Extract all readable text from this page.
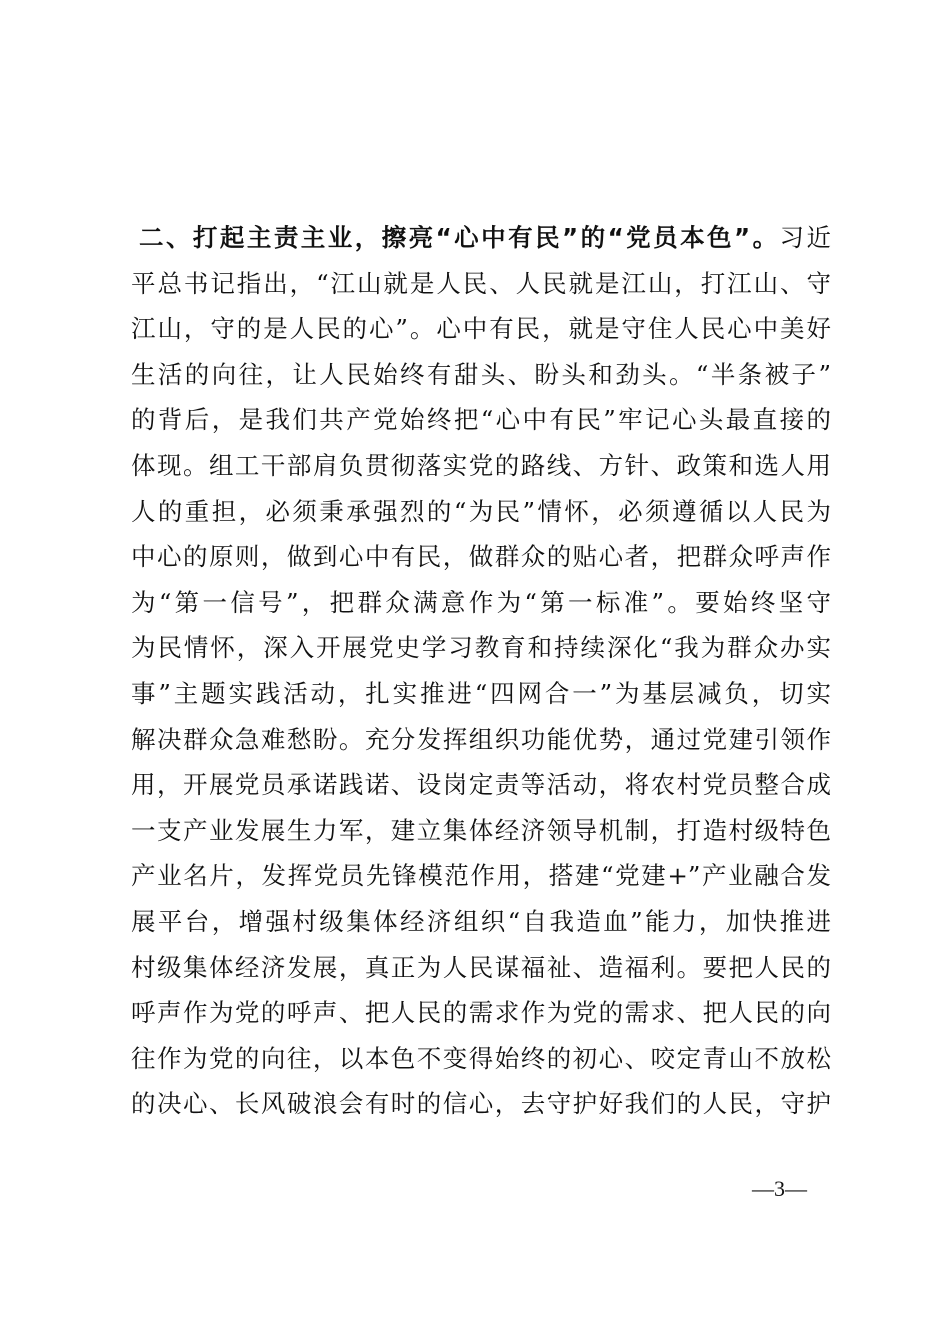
二、打起主责主业，擦亮“心中有民”的“党员本色”。习近
平总书记指出，“江山就是人民、人民就是江山，打江山、守
江山，守的是人民的心”。心中有民，就是守住人民心中美好
生活的向往，让人民始终有甜头、盼头和劲头。“半条被子”
的背后，是我们共产党始终把“心中有民”牢记心头最直接的
体现。组工干部肩负贯彻落实党的路线、方针、政策和选人用
人的重担，必须秉承强烈的“为民”情怀，必须遵循以人民为
中心的原则，做到心中有民，做群众的贴心者，把群众呼声作
为“第一信号”，把群众满意作为“第一标准”。要始终坚守
为民情怀，深入开展党史学习教育和持续深化“我为群众办实
事”主题实践活动，扎实推进“四网合一”为基层减负，切实
解决群众急难愁盼。充分发挥组织功能优势，通过党建引领作
用，开展党员承诺践诺、设岗定责等活动，将农村党员整合成
一支产业发展生力军，建立集体经济领导机制，打造村级特色
产业名片，发挥党员先锋模范作用，搭建“党建+”产业融合发
展平台，增强村级集体经济组织“自我造血”能力，加快推进
村级集体经济发展，真正为人民谋福祉、造福利。要把人民的
呼声作为党的呼声、把人民的需求作为党的需求、把人民的向
往作为党的向往，以本色不变得始终的初心、咬定青山不放松
的决心、长风破浪会有时的信心，去守护好我们的人民，守护
—3—
